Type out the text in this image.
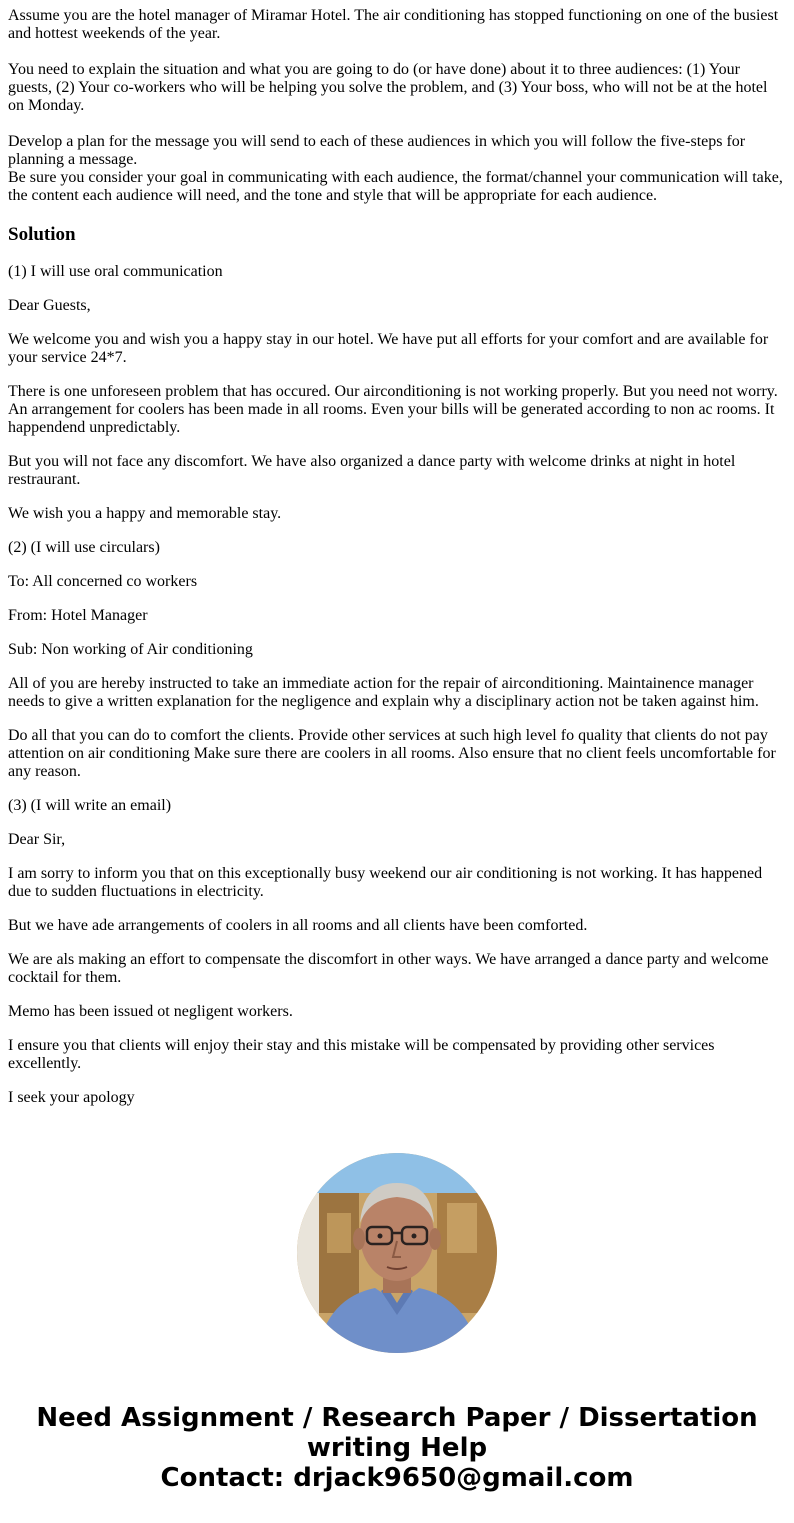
Assume you are the hotel manager of Miramar Hotel. The air conditioning has stopped functioning on one of the busiest and hottest weekends of the year.

You need to explain the situation and what you are going to do (or have done) about it to three audiences: (1) Your guests, (2) Your co-workers who will be helping you solve the problem, and (3) Your boss, who will not be at the hotel on Monday.

Develop a plan for the message you will send to each of these audiences in which you will follow the five-steps for planning a message.
Be sure you consider your goal in communicating with each audience, the format/channel your communication will take, the content each audience will need, and the tone and style that will be appropriate for each audience.

Solution

(1) I will use oral communication

Dear Guests,

We welcome you and wish you a happy stay in our hotel. We have put all efforts for your comfort and are available for your service 24*7.

There is one unforeseen problem that has occured. Our airconditioning is not working properly. But you need not worry. An arrangement for coolers has been made in all rooms. Even your bills will be generated according to non ac rooms. It happendend unpredictably.

But you will not face any discomfort. We have also organized a dance party with welcome drinks at night in hotel restraurant.

We wish you a happy and memorable stay.

(2) (I will use circulars)

To: All concerned co workers

From: Hotel Manager

Sub: Non working of Air conditioning

All of you are hereby instructed to take an immediate action for the repair of airconditioning. Maintainence manager needs to give a written explanation for the negligence and explain why a disciplinary action not be taken against him.

Do all that you can do to comfort the clients. Provide other services at such high level fo quality that clients do not pay attention on air conditioning Make sure there are coolers in all rooms. Also ensure that no client feels uncomfortable for any reason.

(3) (I will write an email)

Dear Sir,

I am sorry to inform you that on this exceptionally busy weekend our air conditioning is not working. It has happened due to sudden fluctuations in electricity.

But we have ade arrangements of coolers in all rooms and all clients have been comforted.

We are als making an effort to compensate the discomfort in other ways. We have arranged a dance party and welcome cocktail for them.

Memo has been issued ot negligent workers.

I ensure you that clients will enjoy their stay and this mistake will be compensated by providing other services excellently.

I seek your apology

Need Assignment / Research Paper / Dissertation
writing Help
Contact: drjack9650@gmail.com
